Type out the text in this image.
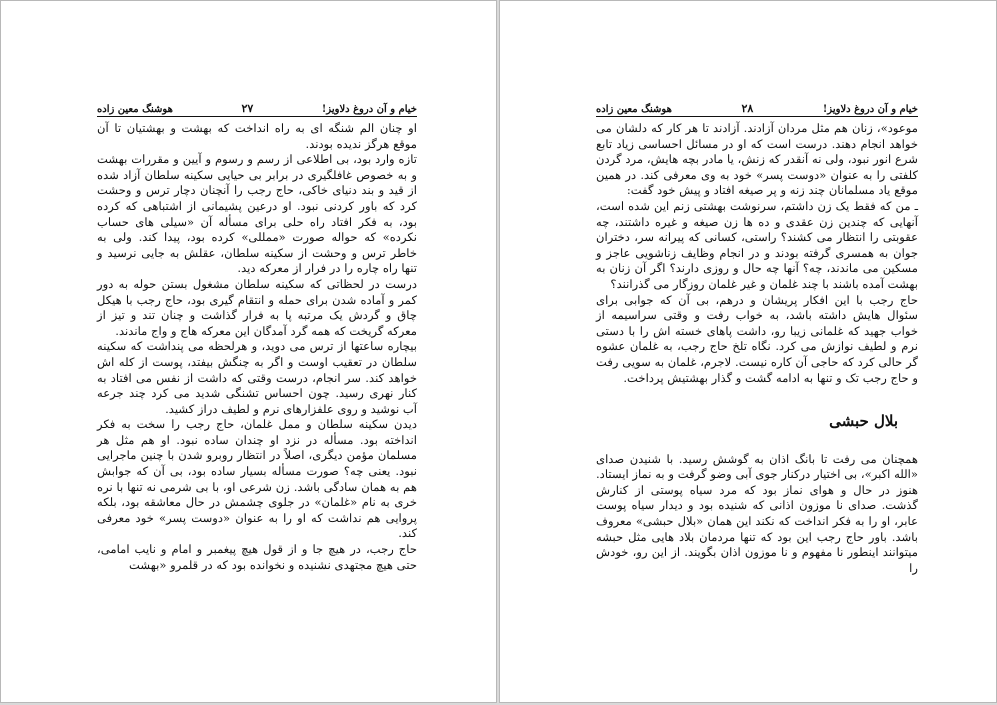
خیام و آن دروغ دلاویز!
۲۷
هوشنگ معین زاده

او چنان الم شنگه ای به راه انداخت که بهشت و بهشتیان تا آن موقع هرگز ندیده بودند.

تازه وارد بود، بی اطلاعی از رسم و رسوم و آیین و مقررات بهشت و به خصوص غافلگیری در برابر بی حیایی سکینه سلطان آزاد شده از قید و بند دنیای خاکی، حاج رجب را آنچنان دچار ترس و وحشت کرد که باور کردنی نبود. او درعین پشیمانی از اشتباهی که کرده بود، به فکر افتاد راه حلی برای مسأله آن «سیلی های حساب نکرده» که حواله صورت «ممللی» کرده بود، پیدا کند. ولی به خاطر ترس و وحشت از سکینه سلطان، عقلش به جایی نرسید و تنها راه چاره را در فرار از معرکه دید.

درست در لحظاتی که سکینه سلطان مشغول بستن حوله به دور کمر و آماده شدن برای حمله و انتقام گیری بود، حاج رجب با هیکل چاق و گردش یک مرتبه پا به فرار گذاشت و چنان تند و تیز از معرکه گریخت که همه گرد آمدگان این معرکه هاج و واج ماندند.

بیچاره ساعتها از ترس می دوید، و هرلحظه می پنداشت که سکینه سلطان در تعقیب اوست و اگر به چنگش بیفتد، پوست از کله اش خواهد کند. سر انجام، درست وقتی که داشت از نفس می افتاد به کنار نهری رسید. چون احساس تشنگی شدید می کرد چند جرعه آب نوشید و روی علفزارهای نرم و لطیف دراز کشید.

دیدن سکینه سلطان و ممل غلمان، حاج رجب را سخت به فکر انداخته بود. مسأله در نزد او چندان ساده نبود. او هم مثل هر مسلمان مؤمن دیگری، اصلاً در انتظار روبرو شدن با چنین ماجرایی نبود. یعنی چه؟ صورت مسأله بسیار ساده بود، بی آن که جوابش هم به همان سادگی باشد. زن شرعی او، با بی شرمی نه تنها با نره خری به نام «غلمان» در جلوی چشمش در حال معاشقه بود، بلکه پروایی هم نداشت که او را به عنوان «دوست پسر» خود معرفی کند.

حاج رجب، در هیچ جا و از قول هیچ پیغمبر و امام و نایب امامی، حتی هیچ مجتهدی نشنیده و نخوانده بود که در قلمرو «بهشت

خیام و آن دروغ دلاویز!
۲۸
هوشنگ معین زاده

موعود»، زنان هم مثل مردان آزادند. آزادند تا هر کار که دلشان می خواهد انجام دهند. درست است که او در مسائل احساسی زیاد تابع شرع انور نبود، ولی نه آنقدر که زنش، یا مادر بچه هایش، مرد گردن کلفتی را به عنوان «دوست پسر» خود به وی معرفی کند. در همین موقع یاد مسلمانان چند زنه و پر صیغه افتاد و پیش خود گفت:

ـ من که فقط یک زن داشتم، سرنوشت بهشتی زنم این شده است، آنهایی که چندین زن عقدی و ده ها زن صیغه و غیره داشتند، چه عقوبتی را انتظار می کشند؟ راستی، کسانی که پیرانه سر، دختران جوان به همسری گرفته بودند و در انجام وظایف زناشویی عاجز و مسکین می ماندند، چه؟ آنها چه حال و روزی دارند؟ اگر آن زنان به بهشت آمده باشند با چند غلمان و غیر غلمان روزگار می گذرانند؟

حاج رجب با این افکار پریشان و درهم، بی آن که جوابی برای سئوال هایش داشته باشد، به خواب رفت و وقتی سراسیمه از خواب جهید که غلمانی زیبا رو، داشت پاهای خسته اش را با دستی نرم و لطیف نوازش می کرد. نگاه تلخ حاج رجب، به غلمان عشوه گر حالی کرد که حاجی آن کاره نیست. لاجرم، غلمان به سویی رفت و حاج رجب تک و تنها به ادامه گشت و گذار بهشتیش پرداخت.

بلال حبشی

همچنان می رفت تا بانگ اذان به گوشش رسید. با شنیدن صدای «الله اکبر»، بی اختیار درکنار جوی آبی وضو گرفت و به نماز ایستاد. هنوز در حال و هوای نماز بود که مرد سیاه پوستی از کنارش گذشت. صدای نا موزون اذانی که شنیده بود و دیدار سیاه پوست عابر، او را به فکر انداخت که نکند این همان «بلال حبشی» معروف باشد. باور حاج رجب این بود که تنها مردمان بلاد هایی مثل حبشه میتوانند اینطور نا مفهوم و نا موزون اذان بگویند. از این رو، خودش را
